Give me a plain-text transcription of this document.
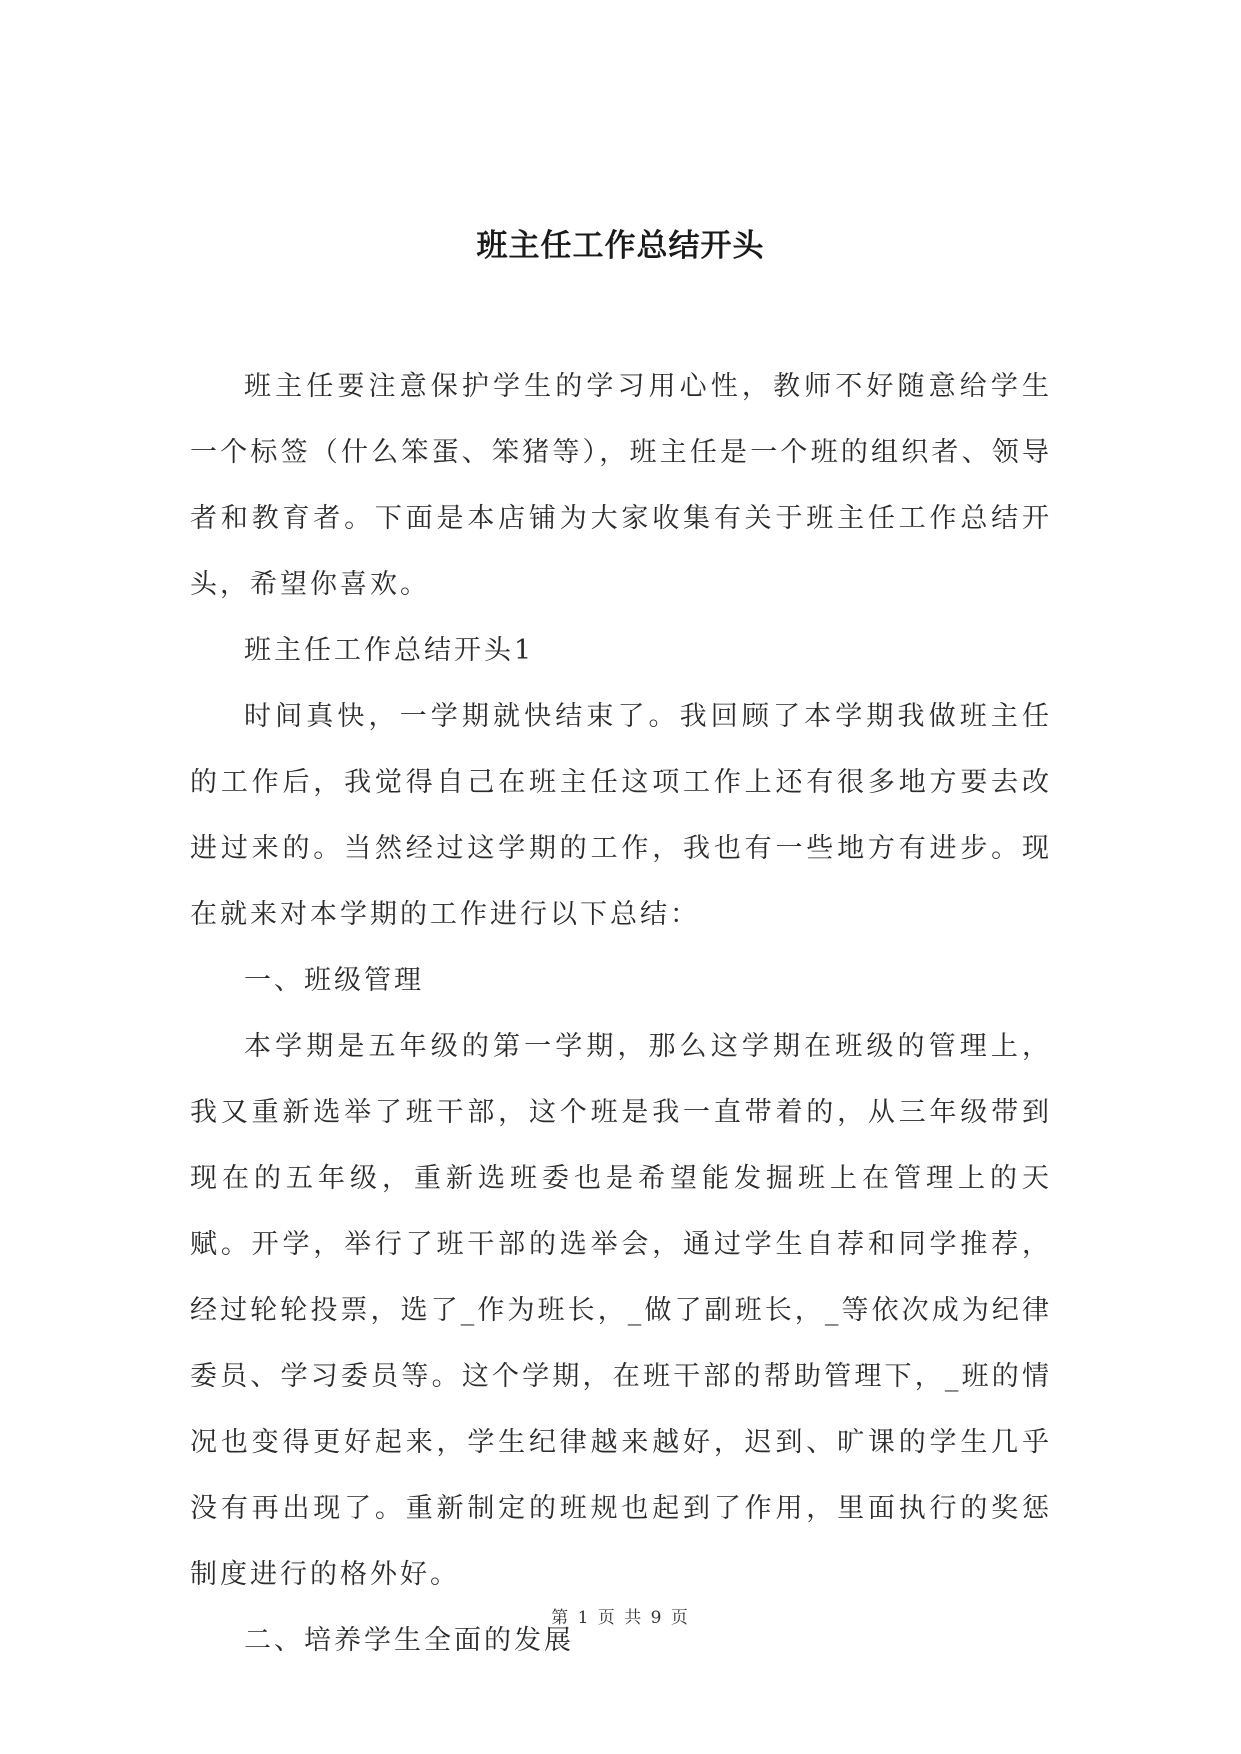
班主任工作总结开头

班主任要注意保护学生的学习用心性，教师不好随意给学生一个标签（什么笨蛋、笨猪等），班主任是一个班的组织者、领导者和教育者。下面是本店铺为大家收集有关于班主任工作总结开头，希望你喜欢。

班主任工作总结开头1

时间真快，一学期就快结束了。我回顾了本学期我做班主任的工作后，我觉得自己在班主任这项工作上还有很多地方要去改进过来的。当然经过这学期的工作，我也有一些地方有进步。现在就来对本学期的工作进行以下总结：

一、班级管理

本学期是五年级的第一学期，那么这学期在班级的管理上，我又重新选举了班干部，这个班是我一直带着的，从三年级带到现在的五年级，重新选班委也是希望能发掘班上在管理上的天赋。开学，举行了班干部的选举会，通过学生自荐和同学推荐，经过轮轮投票，选了_作为班长，_做了副班长，_等依次成为纪律委员、学习委员等。这个学期，在班干部的帮助管理下，_班的情况也变得更好起来，学生纪律越来越好，迟到、旷课的学生几乎没有再出现了。重新制定的班规也起到了作用，里面执行的奖惩制度进行的格外好。

二、培养学生全面的发展

第 1 页 共 9 页
